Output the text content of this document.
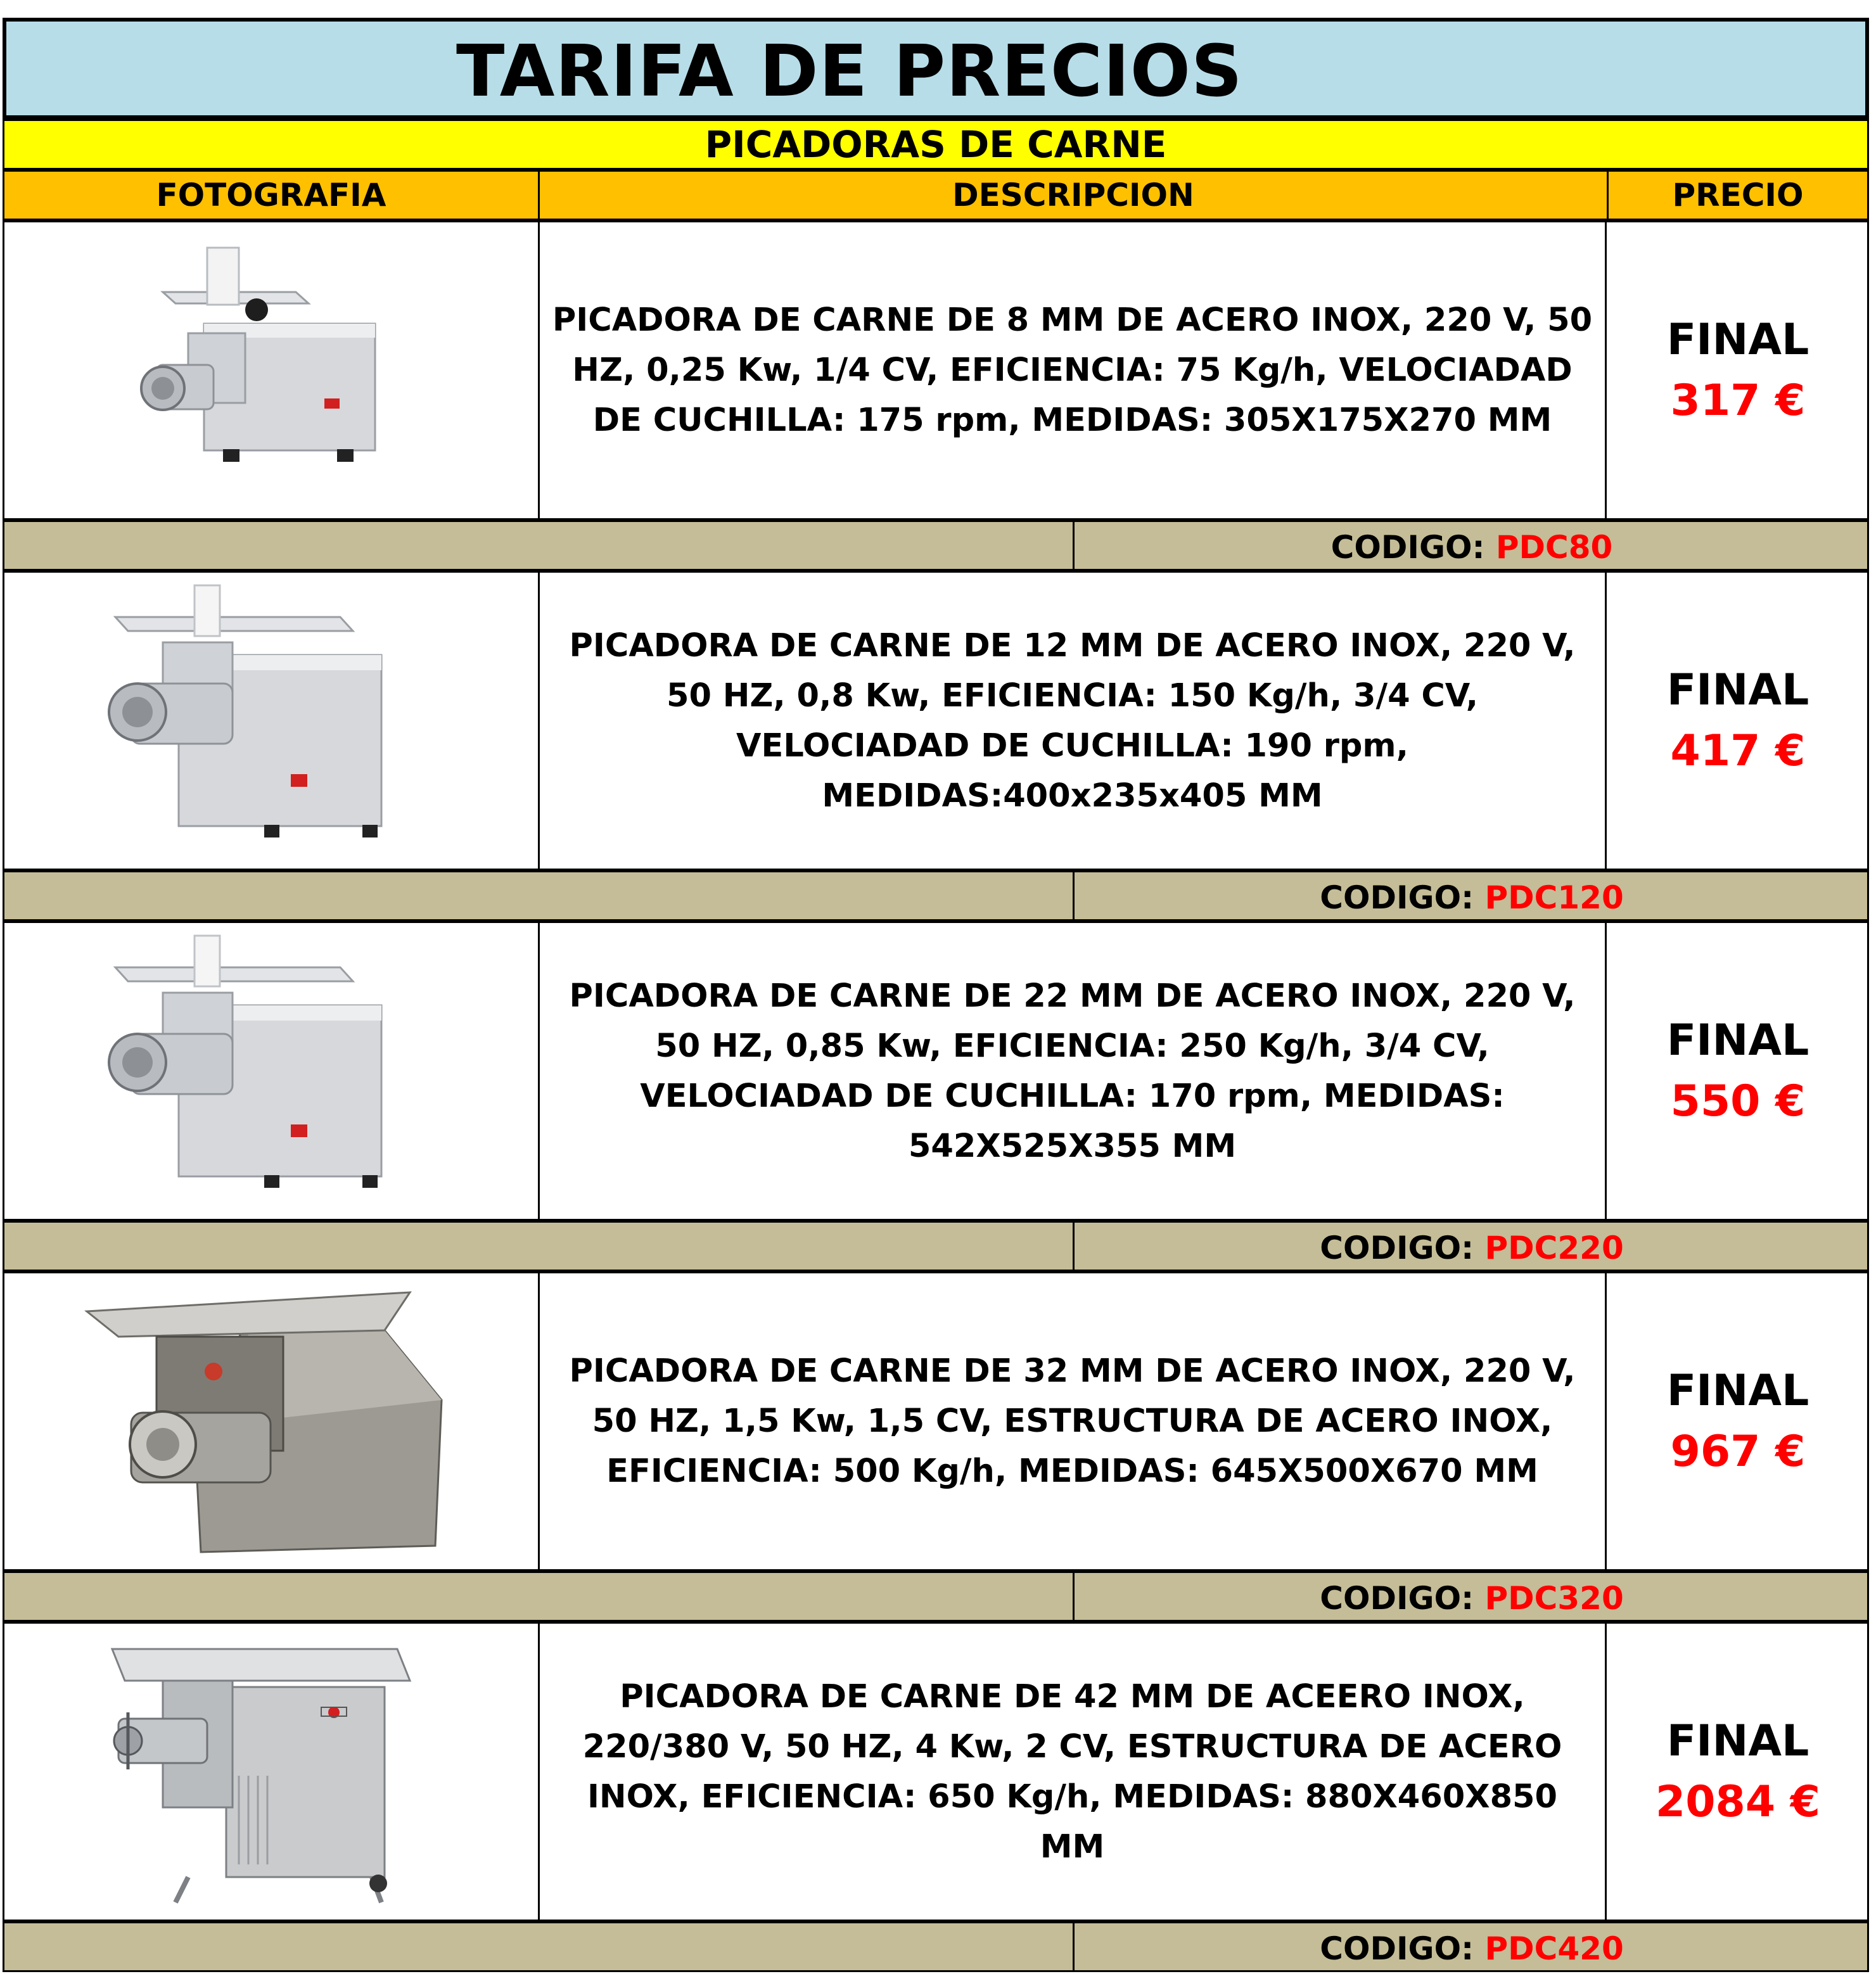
TARIFA DE PRECIOS
PICADORAS DE CARNE
FOTOGRAFIA	DESCRIPCION	PRECIO
PICADORA DE CARNE DE 8 MM DE ACERO INOX, 220 V, 50 HZ, 0,25 Kw, 1/4 CV, EFICIENCIA: 75 Kg/h, VELOCIADAD DE CUCHILLA: 175 rpm, MEDIDAS: 305X175X270 MM
FINAL
317 €
CODIGO: PDC80
PICADORA DE CARNE DE 12 MM DE ACERO INOX, 220 V, 50 HZ, 0,8 Kw, EFICIENCIA: 150 Kg/h, 3/4 CV, VELOCIADAD DE CUCHILLA: 190 rpm, MEDIDAS:400x235x405 MM
FINAL
417 €
CODIGO: PDC120
PICADORA DE CARNE DE 22 MM DE ACERO INOX, 220 V, 50 HZ, 0,85 Kw, EFICIENCIA: 250 Kg/h, 3/4 CV, VELOCIADAD DE CUCHILLA: 170 rpm, MEDIDAS: 542X525X355 MM
FINAL
550 €
CODIGO: PDC220
PICADORA DE CARNE DE 32 MM DE ACERO INOX, 220 V, 50 HZ, 1,5 Kw, 1,5 CV, ESTRUCTURA DE ACERO INOX, EFICIENCIA: 500 Kg/h, MEDIDAS: 645X500X670 MM
FINAL
967 €
CODIGO: PDC320
PICADORA DE CARNE DE 42 MM DE ACEERO INOX, 220/380 V, 50 HZ, 4 Kw, 2 CV, ESTRUCTURA DE ACERO INOX, EFICIENCIA: 650 Kg/h, MEDIDAS: 880X460X850 MM
FINAL
2084 €
CODIGO: PDC420
